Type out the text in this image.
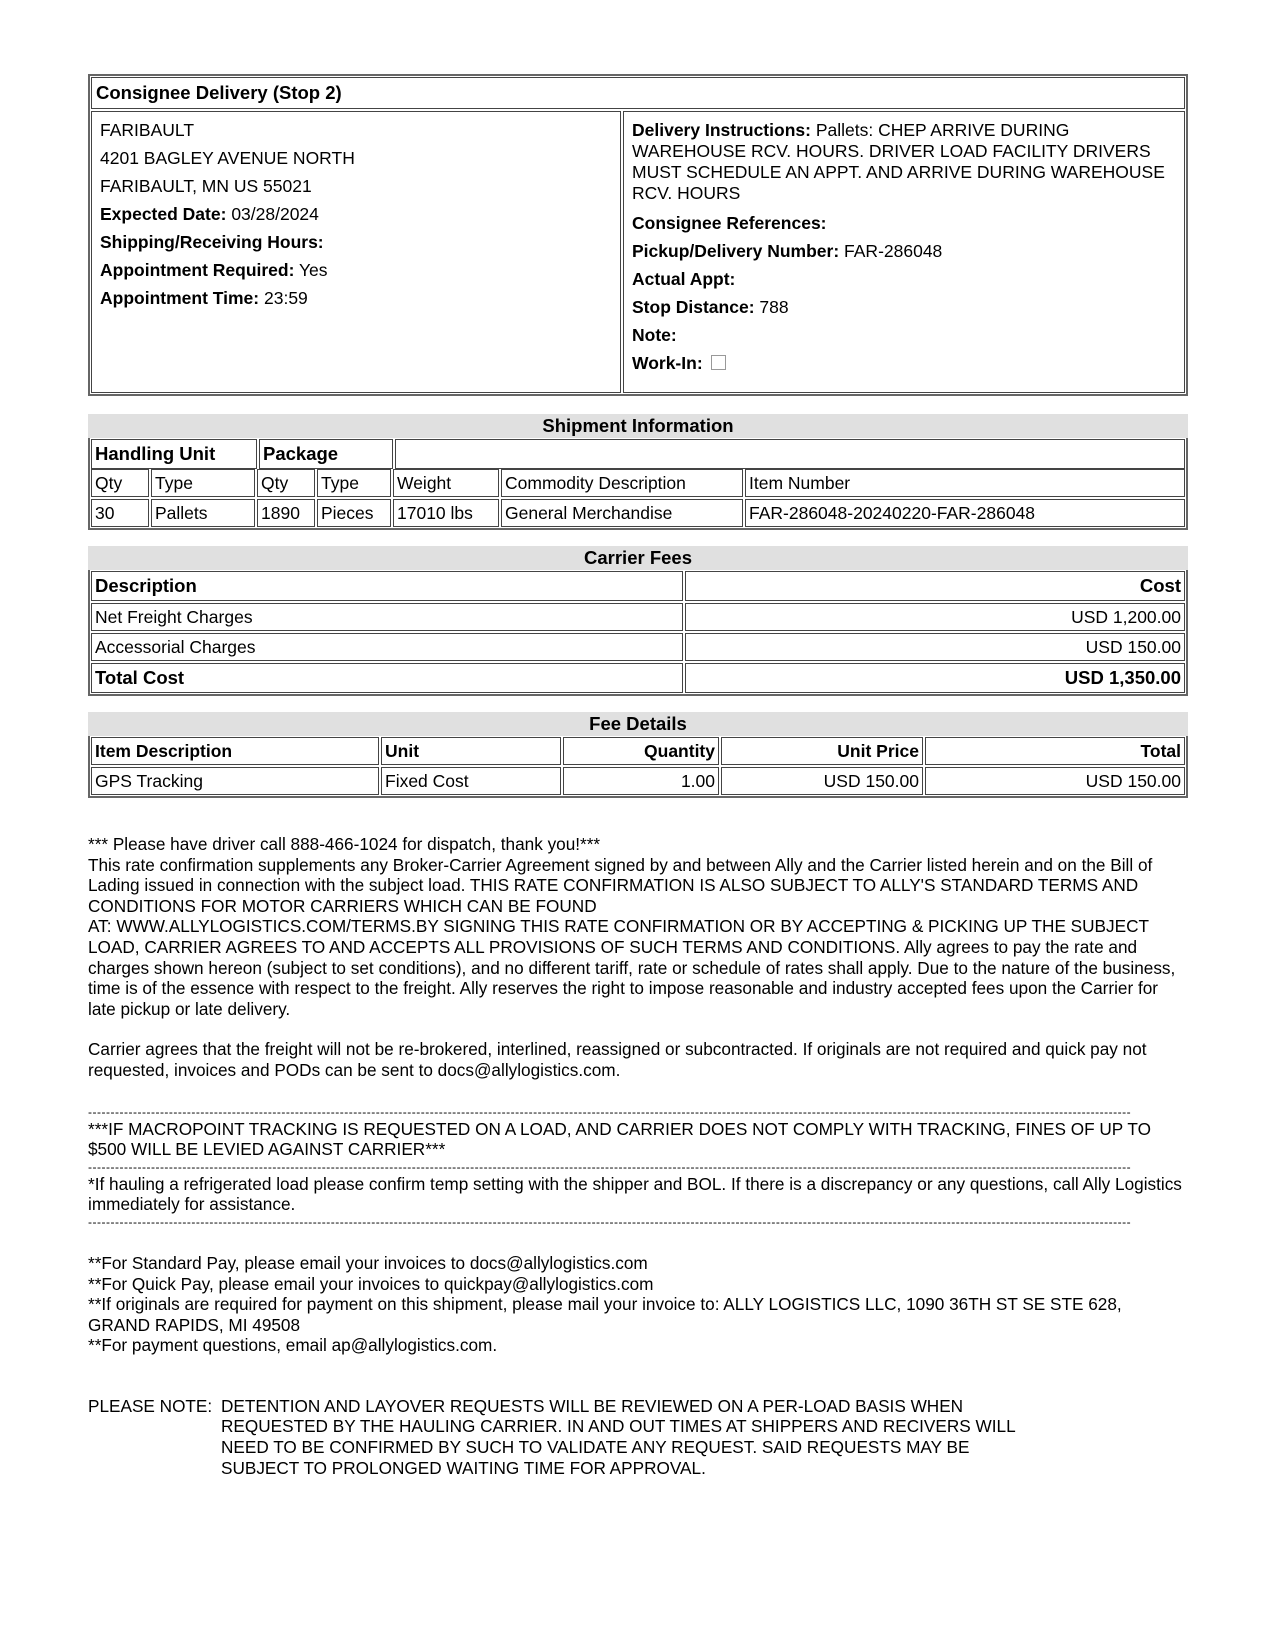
Consignee Delivery (Stop 2)
FARIBAULT
4201 BAGLEY AVENUE NORTH
FARIBAULT, MN US 55021
Expected Date: 03/28/2024
Shipping/Receiving Hours:
Appointment Required: Yes
Appointment Time: 23:59
Delivery Instructions: Pallets: CHEP ARRIVE DURING WAREHOUSE RCV. HOURS. DRIVER LOAD FACILITY DRIVERS MUST SCHEDULE AN APPT. AND ARRIVE DURING WAREHOUSE RCV. HOURS
Consignee References:
Pickup/Delivery Number: FAR-286048
Actual Appt:
Stop Distance: 788
Note:
Work-In:
Shipment Information
Handling Unit	Package
Qty	Type	Qty	Type	Weight	Commodity Description	Item Number
30	Pallets	1890	Pieces	17010 lbs	General Merchandise	FAR-286048-20240220-FAR-286048
Carrier Fees
Description	Cost
Net Freight Charges	USD 1,200.00
Accessorial Charges	USD 150.00
Total Cost	USD 1,350.00
Fee Details
Item Description	Unit	Quantity	Unit Price	Total
GPS Tracking	Fixed Cost	1.00	USD 150.00	USD 150.00
*** Please have driver call 888-466-1024 for dispatch, thank you!***
This rate confirmation supplements any Broker-Carrier Agreement signed by and between Ally and the Carrier listed herein and on the Bill of Lading issued in connection with the subject load. THIS RATE CONFIRMATION IS ALSO SUBJECT TO ALLY'S STANDARD TERMS AND CONDITIONS FOR MOTOR CARRIERS WHICH CAN BE FOUND
AT: WWW.ALLYLOGISTICS.COM/TERMS.BY SIGNING THIS RATE CONFIRMATION OR BY ACCEPTING & PICKING UP THE SUBJECT LOAD, CARRIER AGREES TO AND ACCEPTS ALL PROVISIONS OF SUCH TERMS AND CONDITIONS. Ally agrees to pay the rate and charges shown hereon (subject to set conditions), and no different tariff, rate or schedule of rates shall apply. Due to the nature of the business, time is of the essence with respect to the freight. Ally reserves the right to impose reasonable and industry accepted fees upon the Carrier for late pickup or late delivery.
Carrier agrees that the freight will not be re-brokered, interlined, reassigned or subcontracted. If originals are not required and quick pay not requested, invoices and PODs can be sent to docs@allylogistics.com.
----------------------------------------------------------------------------------------------------------------------------------------------------------------------------------------------------------------------------------------
***IF MACROPOINT TRACKING IS REQUESTED ON A LOAD, AND CARRIER DOES NOT COMPLY WITH TRACKING, FINES OF UP TO $500 WILL BE LEVIED AGAINST CARRIER***
----------------------------------------------------------------------------------------------------------------------------------------------------------------------------------------------------------------------------------------
*If hauling a refrigerated load please confirm temp setting with the shipper and BOL. If there is a discrepancy or any questions, call Ally Logistics immediately for assistance.
----------------------------------------------------------------------------------------------------------------------------------------------------------------------------------------------------------------------------------------
**For Standard Pay, please email your invoices to docs@allylogistics.com
**For Quick Pay, please email your invoices to quickpay@allylogistics.com
**If originals are required for payment on this shipment, please mail your invoice to: ALLY LOGISTICS LLC, 1090 36TH ST SE STE 628, GRAND RAPIDS, MI 49508
**For payment questions, email ap@allylogistics.com.
PLEASE NOTE: DETENTION AND LAYOVER REQUESTS WILL BE REVIEWED ON A PER-LOAD BASIS WHEN REQUESTED BY THE HAULING CARRIER. IN AND OUT TIMES AT SHIPPERS AND RECIVERS WILL NEED TO BE CONFIRMED BY SUCH TO VALIDATE ANY REQUEST. SAID REQUESTS MAY BE SUBJECT TO PROLONGED WAITING TIME FOR APPROVAL.
